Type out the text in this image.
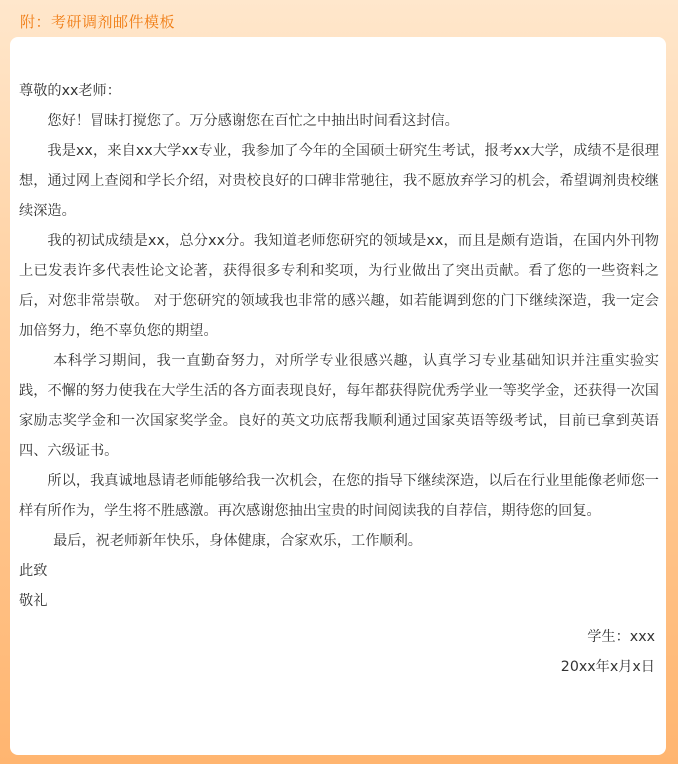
附：考研调剂邮件模板

尊敬的xx老师：

您好！冒昧打搅您了。万分感谢您在百忙之中抽出时间看这封信。

我是xx，来自xx大学xx专业，我参加了今年的全国硕士研究生考试，报考xx大学，成绩不是很理想，通过网上查阅和学长介绍，对贵校良好的口碑非常驰往，我不愿放弃学习的机会，希望调剂贵校继续深造。

我的初试成绩是xx，总分xx分。我知道老师您研究的领域是xx，而且是颇有造诣，在国内外刊物上已发表许多代表性论文论著，获得很多专利和奖项，为行业做出了突出贡献。看了您的一些资料之后，对您非常崇敬。 对于您研究的领域我也非常的感兴趣，如若能调到您的门下继续深造，我一定会加倍努力，绝不辜负您的期望。

本科学习期间，我一直勤奋努力，对所学专业很感兴趣，认真学习专业基础知识并注重实验实践，不懈的努力使我在大学生活的各方面表现良好，每年都获得院优秀学业一等奖学金，还获得一次国家励志奖学金和一次国家奖学金。良好的英文功底帮我顺利通过国家英语等级考试，目前已拿到英语四、六级证书。

所以，我真诚地恳请老师能够给我一次机会，在您的指导下继续深造，以后在行业里能像老师您一样有所作为，学生将不胜感激。再次感谢您抽出宝贵的时间阅读我的自荐信，期待您的回复。

最后，祝老师新年快乐，身体健康，合家欢乐，工作顺利。

此致

敬礼

学生：xxx

20xx年x月x日
